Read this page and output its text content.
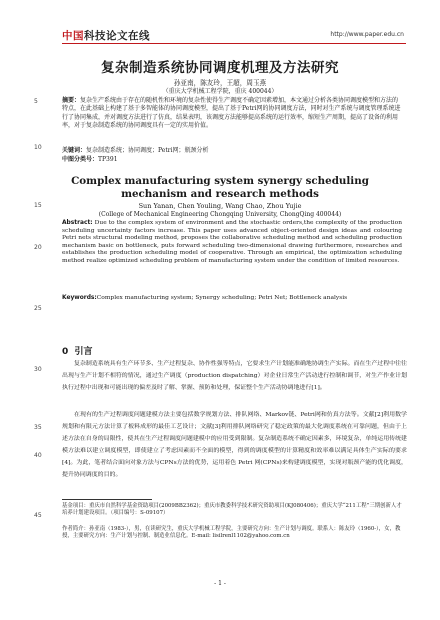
中国科技论文在线	http://www.paper.edu.cn
5
10
15
20
25
30
35
40
45
复杂制造系统协同调度机理及方法研究
孙亚南，陈友玲，王超，周玉燕
（重庆大学机械工程学院，重庆 400044）
摘要：复杂生产系统由于存在的随机性和环境的复杂性使得生产调度不确定因素增加，本文通过分析各类协同调度模型和方法的特点，在此基础上构建了基于多智能体的协同调度模型，提出了基于Petri网的协同调度方法，同时对生产系统与调度管理系统进行了协同集成，并对调度方法进行了仿真，结果表明，该调度方法能够提高系统的运行效率，缩短生产周期，提高了设备的利用率，对于复杂制造系统的协同调度具有一定的实用价值。
关键词：复杂制造系统；协同调度；Petri网；瓶颈分析
中图分类号：TP391
Complex manufacturing system synergy scheduling mechanism and research methods
Sun Yanan, Chen Youling, Wang Chao, Zhou Yujie
(College of Mechanical Engineering Chongqing University, ChongQing 400044)
Abstract: Due to the complex system of environment and the stochastic orders,the complexity of the production scheduling uncertainty factors increase. This paper uses advanced object-oriented design ideas and colouring Petri nets structural modeling method, proposes the collaborative scheduling method and scheduling production mechanism basic on bottleneck, puts forward scheduling two-dimensional drawing furthermore, researches and establishes the production scheduling model of cooperative. Through an empirical, the optimization scheduling method realize optimized scheduling problem of manufacturing system under the condition of limited resources.
Keywords:Complex manufacturing system; Synergy scheduling; Petri Net; Bottleneck analysis
0 引言
复杂制造系统具有生产环节多、生产过程复杂、协作性强等特点，它要求生产计划能准确地协调生产实际。而在生产过程中往往出现与生产计划不相符的情况，通过生产调度（production dispatching）对企业日常生产活动进行控制和调节，对生产作业计划执行过程中出现和可能出现的偏差及时了解、掌握、预防和处理，保证整个生产活动协调地进行[1]。
在现有的生产过程调度问题建模方法主要包括数学规划方法、排队网络、Markov链、Petri网和仿真方法等。文献[2]利用数学规划和有限元方法计算了板料成形的最佳工艺设计；文献[3]利用排队网络研究了稳定政策的最大化调度系统在可靠问题，但由于上述方法在自身的局限性，使其在生产过程调度问题建模中的应用受到限制。复杂制造系统不确定因素多，环境复杂，单纯运用传统建模方法难以建立调度模型，即使建立了考虑因素而不全面的模型，得到的调度模型的计算精度和效率难以满足具体生产实际的要求[4]。为此，笔者结合面向对象方法与CPNs方法的优势，运用着色 Petri 网(CPNs)来构建调度模型，实现对瓶颈产能的优化调度，提升协同调度的目的。
基金项目：重庆市自然科学基金资助项目(2009BB2362)；重庆市教委科学技术研究资助项目(KJ080406)；重庆大学“211工程”三期创新人才培养计划建设项目。（项目编号：S-09107）
作者简介：孙亚南（1983-），男，在读研究生，重庆大学机械工程学院，主要研究方向：生产计划与调度。联系人：陈友玲（1960-），女，教授，主要研究方向：生产计划与控制、制造业信息化。E-mail: lisilrenl1102@yahoo.com.cn
- 1 -
